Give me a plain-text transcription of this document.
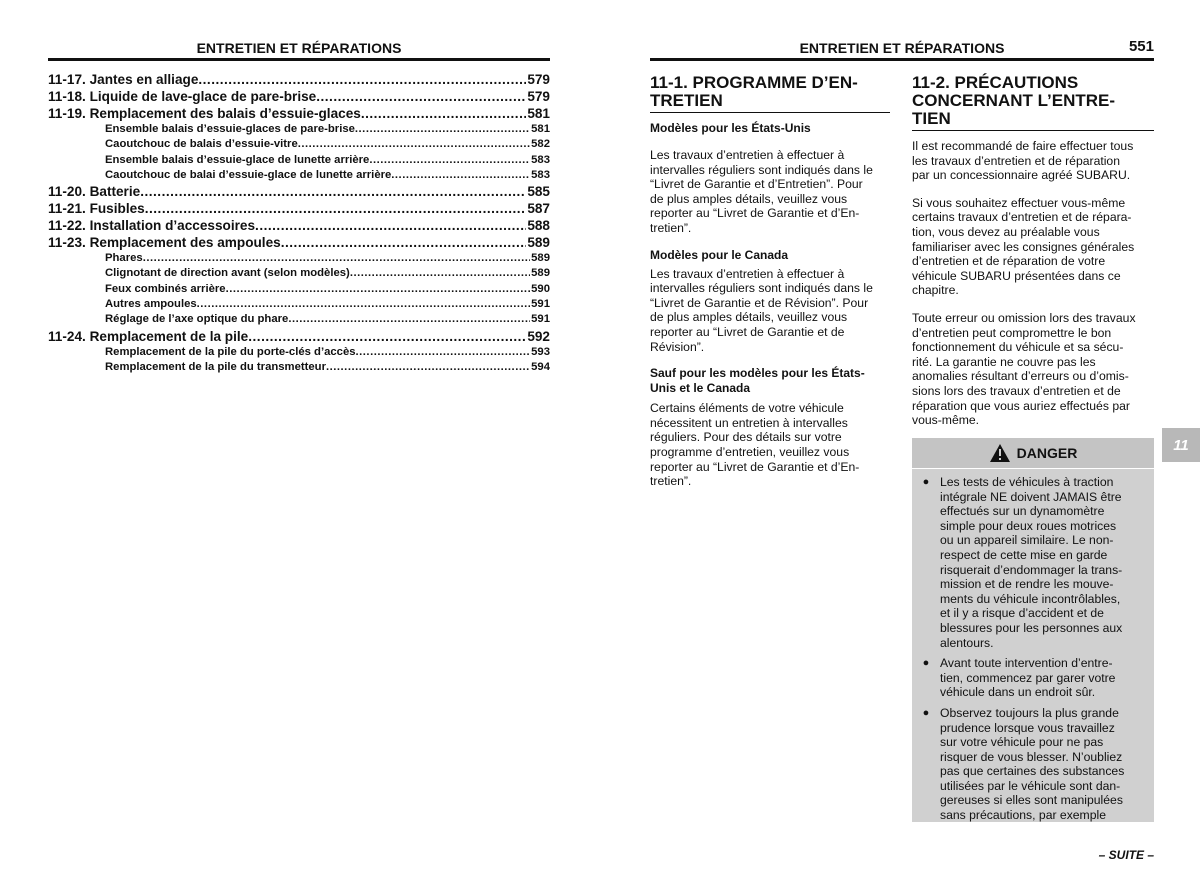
ENTRETIEN ET RÉPARATIONS
11-17. Jantes en alliage .....	579
11-18. Liquide de lave-glace de pare-brise .....	579
11-19. Remplacement des balais d’essuie-glaces .....	581
Ensemble balais d’essuie-glaces de pare-brise .....	581
Caoutchouc de balais d’essuie-vitre .....	582
Ensemble balais d’essuie-glace de lunette arrière .....	583
Caoutchouc de balai d’essuie-glace de lunette arrière .....	583
11-20. Batterie .....	585
11-21. Fusibles .....	587
11-22. Installation d’accessoires .....	588
11-23. Remplacement des ampoules .....	589
Phares .....	589
Clignotant de direction avant (selon modèles) .....	589
Feux combinés arrière .....	590
Autres ampoules .....	591
Réglage de l’axe optique du phare .....	591
11-24. Remplacement de la pile .....	592
Remplacement de la pile du porte-clés d’accès .....	593
Remplacement de la pile du transmetteur .....	594
ENTRETIEN ET RÉPARATIONS	551
11-1. PROGRAMME D’EN-
TRETIEN
Modèles pour les États-Unis
Les travaux d’entretien à effectuer à
intervalles réguliers sont indiqués dans le
“Livret de Garantie et d’Entretien”. Pour
de plus amples détails, veuillez vous
reporter au “Livret de Garantie et d’En-
tretien”.
Modèles pour le Canada
Les travaux d’entretien à effectuer à
intervalles réguliers sont indiqués dans le
“Livret de Garantie et de Révision”. Pour
de plus amples détails, veuillez vous
reporter au “Livret de Garantie et de
Révision”.
Sauf pour les modèles pour les États-
Unis et le Canada
Certains éléments de votre véhicule
nécessitent un entretien à intervalles
réguliers. Pour des détails sur votre
programme d’entretien, veuillez vous
reporter au “Livret de Garantie et d’En-
tretien”.
11-2. PRÉCAUTIONS
CONCERNANT L’ENTRE-
TIEN
Il est recommandé de faire effectuer tous
les travaux d’entretien et de réparation
par un concessionnaire agréé SUBARU.
Si vous souhaitez effectuer vous-même
certains travaux d’entretien et de répara-
tion, vous devez au préalable vous
familiariser avec les consignes générales
d’entretien et de réparation de votre
véhicule SUBARU présentées dans ce
chapitre.
Toute erreur ou omission lors des travaux
d’entretien peut compromettre le bon
fonctionnement du véhicule et sa sécu-
rité. La garantie ne couvre pas les
anomalies résultant d’erreurs ou d’omis-
sions lors des travaux d’entretien et de
réparation que vous auriez effectués par
vous-même.
DANGER
● Les tests de véhicules à traction
intégrale NE doivent JAMAIS être
effectués sur un dynamomètre
simple pour deux roues motrices
ou un appareil similaire. Le non-
respect de cette mise en garde
risquerait d’endommager la trans-
mission et de rendre les mouve-
ments du véhicule incontrôlables,
et il y a risque d’accident et de
blessures pour les personnes aux
alentours.
● Avant toute intervention d’entre-
tien, commencez par garer votre
véhicule dans un endroit sûr.
● Observez toujours la plus grande
prudence lorsque vous travaillez
sur votre véhicule pour ne pas
risquer de vous blesser. N’oubliez
pas que certaines des substances
utilisées par le véhicule sont dan-
gereuses si elles sont manipulées
sans précautions, par exemple
11
– SUITE –
